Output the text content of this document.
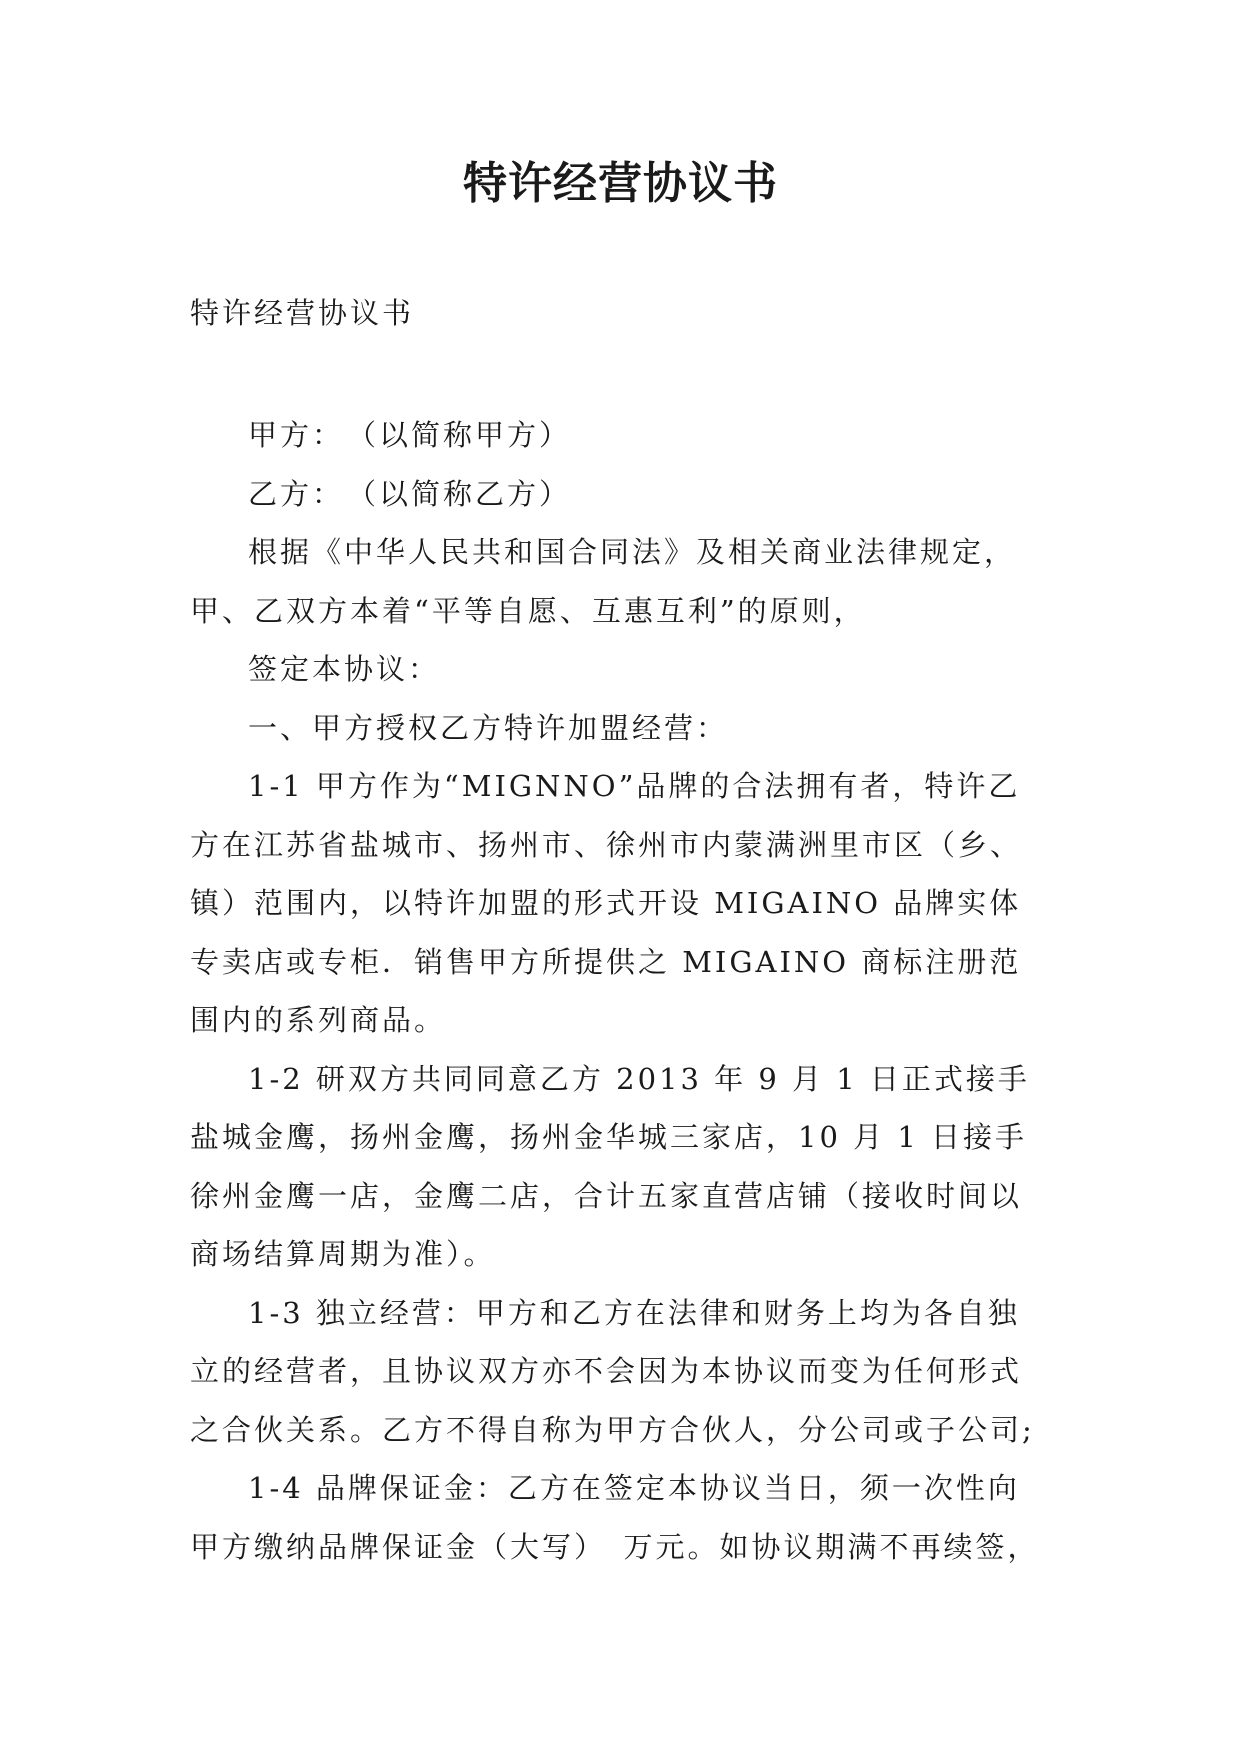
特许经营协议书
特许经营协议书

甲方：　（以简称甲方）

乙方：　（以简称乙方）

根据《中华人民共和国合同法》及相关商业法律规定，甲、乙双方本着“平等自愿、互惠互利”的原则，

签定本协议：

一、甲方授权乙方特许加盟经营：

1-1 甲方作为“MIGNNO”品牌的合法拥有者，特许乙方在江苏省盐城市、扬州市、徐州市内蒙满洲里市区（乡、镇）范围内，以特许加盟的形式开设 MIGAINO 品牌实体专卖店或专柜．销售甲方所提供之 MIGAINO 商标注册范围内的系列商品。

1-2 研双方共同同意乙方 2013 年 9 月 1 日正式接手盐城金鹰，扬州金鹰，扬州金华城三家店，10 月 1 日接手徐州金鹰一店，金鹰二店，合计五家直营店铺（接收时间以商场结算周期为准）。

1-3 独立经营：甲方和乙方在法律和财务上均为各自独立的经营者，且协议双方亦不会因为本协议而变为任何形式之合伙关系。乙方不得自称为甲方合伙人，分公司或子公司;

1-4 品牌保证金：乙方在签定本协议当日，须一次性向甲方缴纳品牌保证金（大写）　万元。如协议期满不再续签，
